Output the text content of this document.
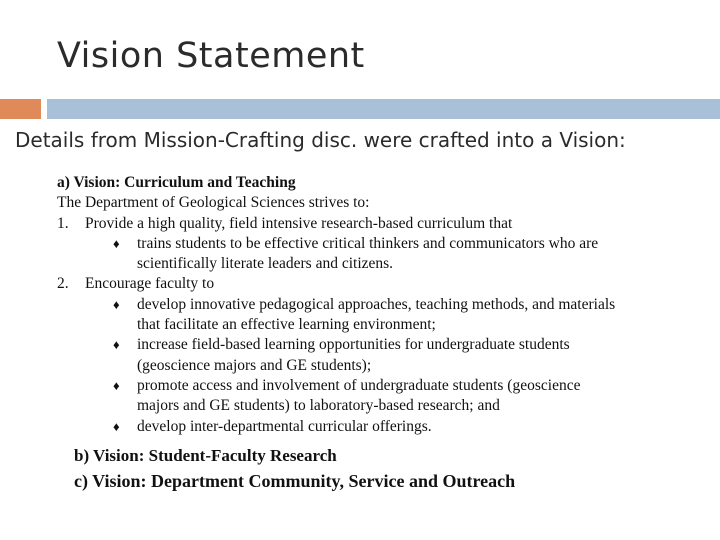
Vision Statement
Details from Mission-Crafting disc. were crafted into a Vision:
a) Vision: Curriculum and Teaching
The Department of Geological Sciences strives to:
1. Provide a high quality, field intensive research-based curriculum that
♦	trains students to be effective critical thinkers and communicators who are
scientifically literate leaders and citizens.
2. Encourage faculty to
♦	develop innovative pedagogical approaches, teaching methods, and materials
that facilitate an effective learning environment;
♦	increase field-based learning opportunities for undergraduate students
(geoscience majors and GE students);
♦	promote access and involvement of undergraduate students (geoscience
majors and GE students) to laboratory-based research; and
♦	develop inter-departmental curricular offerings.
b) Vision: Student-Faculty Research
c) Vision: Department Community, Service and Outreach
